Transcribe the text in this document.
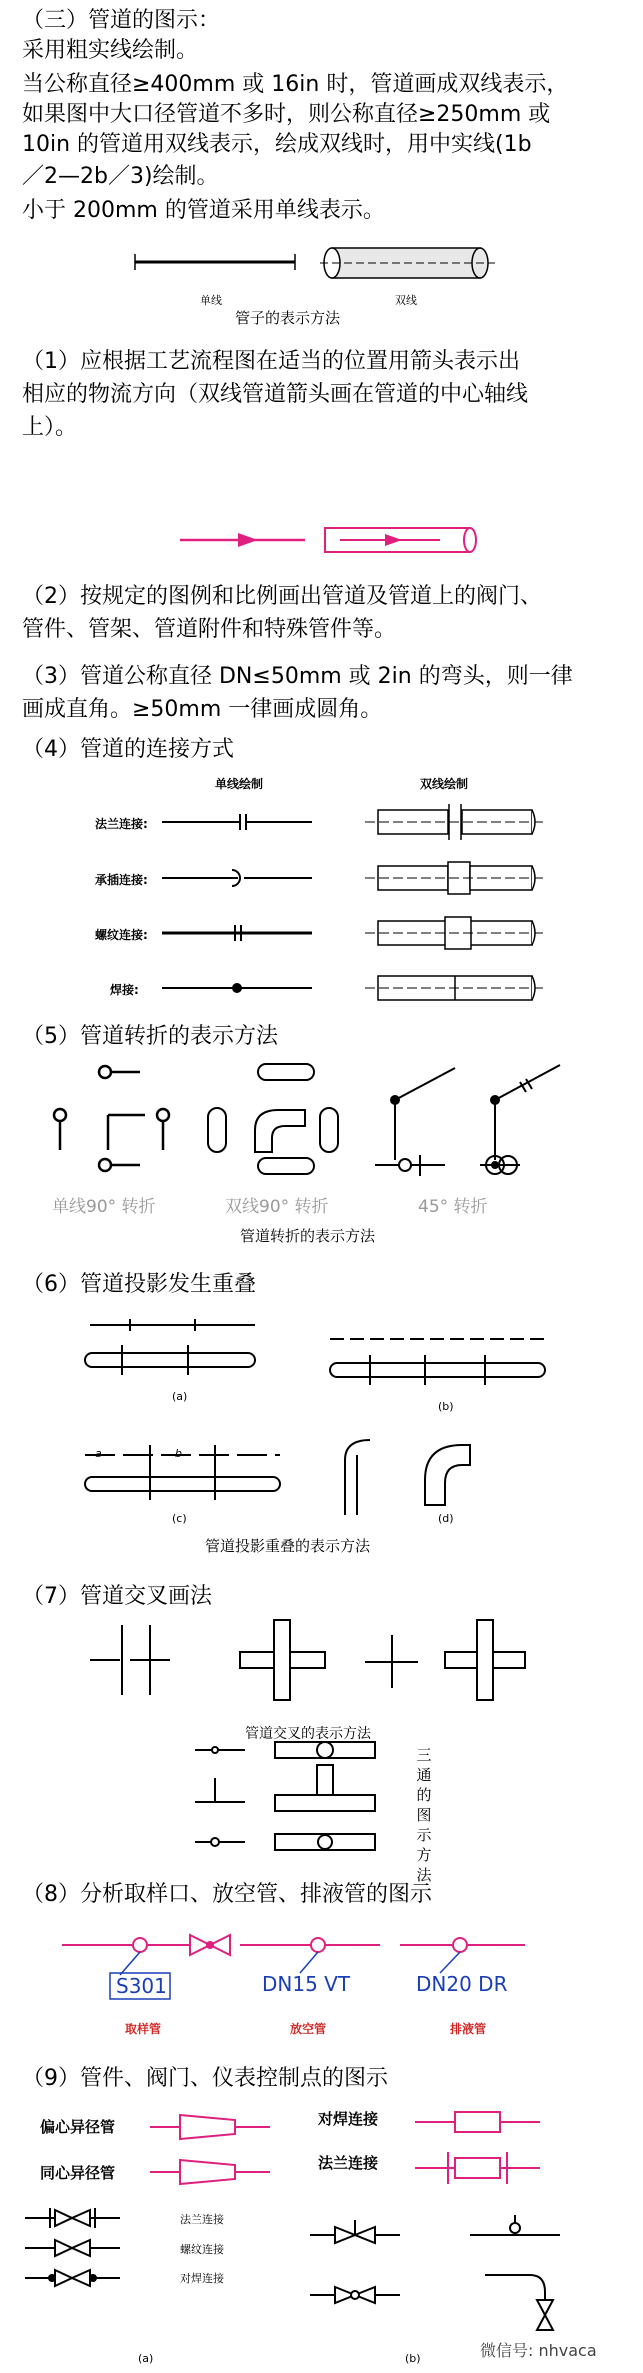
（三）管道的图示：
采用粗实线绘制。
当公称直径≥400mm 或 16in 时，管道画成双线表示，
如果图中大口径管道不多时，则公称直径≥250mm 或
10in 的管道用双线表示，绘成双线时，用中实线(1b
／2—2b／3)绘制。
小于 200mm 的管道采用单线表示。
单线	双线
管子的表示方法
（1）应根据工艺流程图在适当的位置用箭头表示出
相应的物流方向（双线管道箭头画在管道的中心轴线
上）。
（2）按规定的图例和比例画出管道及管道上的阀门、
管件、管架、管道附件和特殊管件等。
（3）管道公称直径 DN≤50mm 或 2in 的弯头，则一律
画成直角。≥50mm 一律画成圆角。
（4）管道的连接方式
单线绘制	双线绘制
法兰连接:
承插连接:
螺纹连接:
焊接:
（5）管道转折的表示方法
单线90° 转折	双线90° 转折	45° 转折
管道转折的表示方法
（6）管道投影发生重叠
(a)
(b)
a	b
(c)	(d)
管道投影重叠的表示方法
（7）管道交叉画法
管道交叉的表示方法
三通的图示方法
（8）分析取样口、放空管、排液管的图示
S301	DN15 VT	DN20 DR
取样管	放空管	排液管
（9）管件、阀门、仪表控制点的图示
偏心异径管
同心异径管
对焊连接
法兰连接
法兰连接
螺纹连接
对焊连接
(a)	(b)	微信号: nhvaca
